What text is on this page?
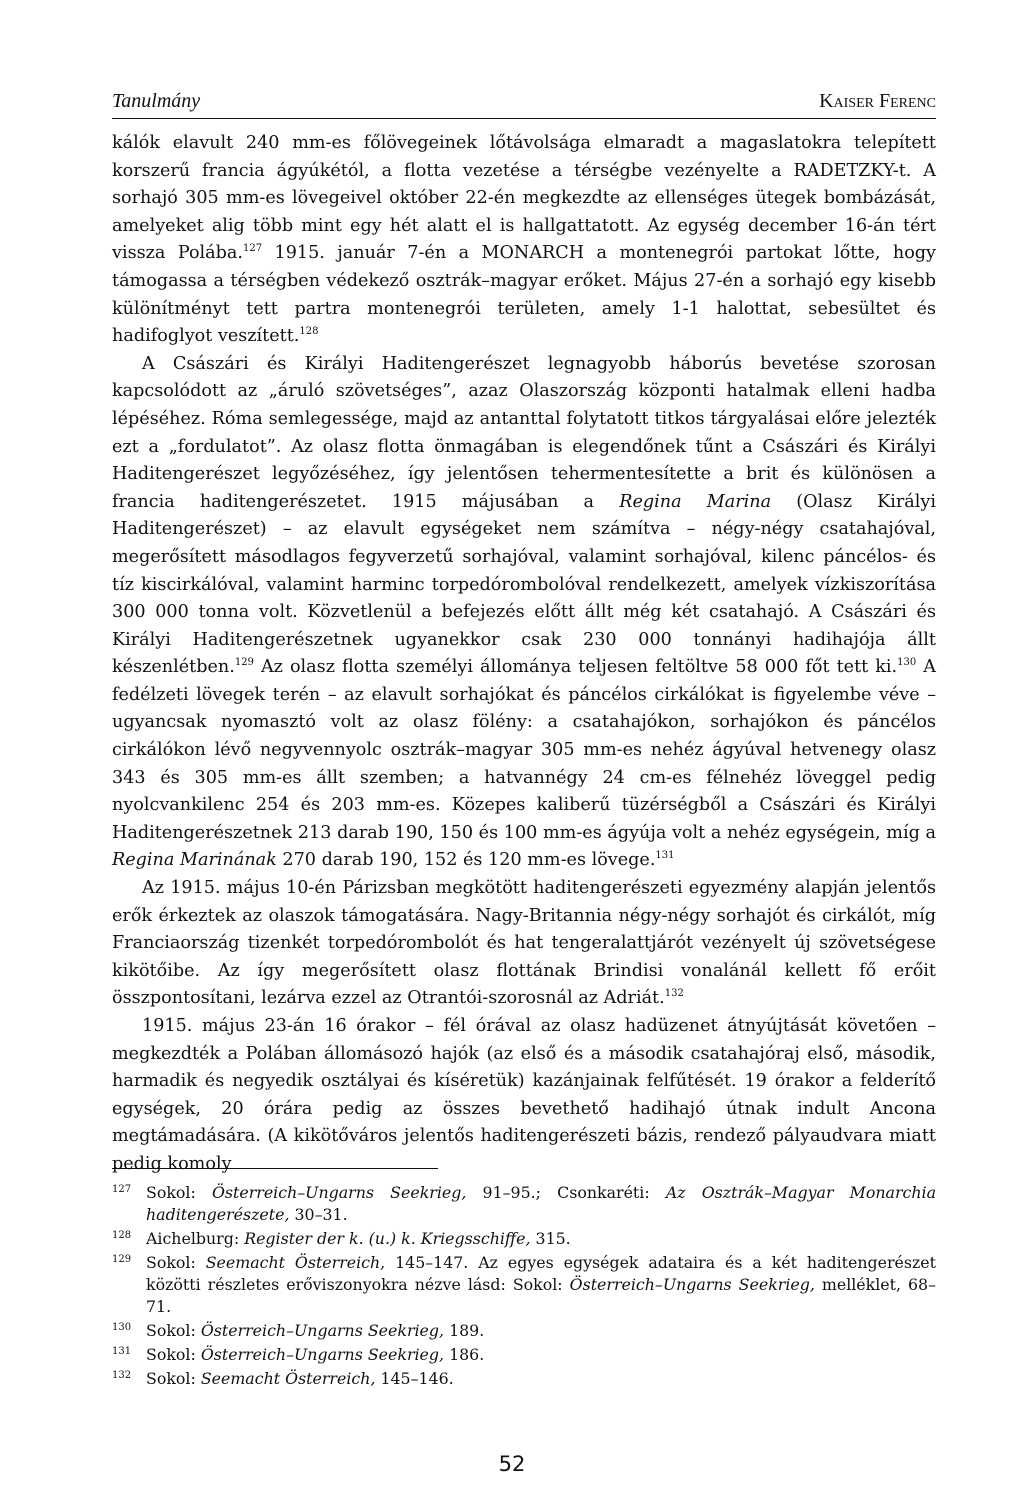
Tanulmány	Kaiser Ferenc

kálók elavult 240 mm-es főlövegeinek lőtávolsága elmaradt a magaslatokra telepített korszerű francia ágyúkétól, a flotta vezetése a térségbe vezényelte a RADETZKY-t. A sorhajó 305 mm-es lövegeivel október 22-én megkezdte az ellenséges ütegek bombázását, amelyeket alig több mint egy hét alatt el is hallgattatott. Az egység december 16-án tért vissza Polába.$^{127}$ 1915. január 7-én a MONARCH a montenegrói partokat lőtte, hogy támogassa a térségben védekező osztrák–magyar erőket. Május 27-én a sorhajó egy kisebb különítményt tett partra montenegrói területen, amely 1-1 halottat, sebesültet és hadifoglyot veszített.$^{128}$

A Császári és Királyi Haditengerészet legnagyobb háborús bevetése szorosan kapcsolódott az „áruló szövetséges”, azaz Olaszország központi hatalmak elleni hadba lépéséhez. Róma semlegessége, majd az antanttal folytatott titkos tárgyalásai előre jelezték ezt a „fordulatot”. Az olasz flotta önmagában is elegendőnek tűnt a Császári és Királyi Haditengerészet legyőzéséhez, így jelentősen tehermentesítette a brit és különösen a francia haditengerészetet. 1915 májusában a Regina Marina (Olasz Királyi Haditengerészet) – az elavult egységeket nem számítva – négy-négy csatahajóval, megerősített másodlagos fegyverzetű sorhajóval, valamint sorhajóval, kilenc páncélos- és tíz kiscirkálóval, valamint harminc torpedórombolóval rendelkezett, amelyek vízkiszorítása 300 000 tonna volt. Közvetlenül a befejezés előtt állt még két csatahajó. A Császári és Királyi Haditengerészetnek ugyanekkor csak 230 000 tonnányi hadihajója állt készenlétben.$^{129}$ Az olasz flotta személyi állománya teljesen feltöltve 58 000 főt tett ki.$^{130}$ A fedélzeti lövegek terén – az elavult sorhajókat és páncélos cirkálókat is figyelembe véve – ugyancsak nyomasztó volt az olasz fölény: a csatahajókon, sorhajókon és páncélos cirkálókon lévő negyvennyolc osztrák–magyar 305 mm-es nehéz ágyúval hetvenegy olasz 343 és 305 mm-es állt szemben; a hatvannégy 24 cm-es félnehéz löveggel pedig nyolcvankilenc 254 és 203 mm-es. Közepes kaliberű tüzérségből a Császári és Királyi Haditengerészetnek 213 darab 190, 150 és 100 mm-es ágyúja volt a nehéz egységein, míg a Regina Marinának 270 darab 190, 152 és 120 mm-es lövege.$^{131}$

Az 1915. május 10-én Párizsban megkötött haditengerészeti egyezmény alapján jelentős erők érkeztek az olaszok támogatására. Nagy-Britannia négy-négy sorhajót és cirkálót, míg Franciaország tizenkét torpedórombolót és hat tengeralattjárót vezényelt új szövetségese kikötőibe. Az így megerősített olasz flottának Brindisi vonalánál kellett fő erőit összpontosítani, lezárva ezzel az Otrantói-szorosnál az Adriát.$^{132}$

1915. május 23-án 16 órakor – fél órával az olasz hadüzenet átnyújtását követően – megkezdték a Polában állomásozó hajók (az első és a második csatahajóraj első, második, harmadik és negyedik osztályai és kíséretük) kazánjainak felfűtését. 19 órakor a felderítő egységek, 20 órára pedig az összes bevethető hadihajó útnak indult Ancona megtámadására. (A kikötőváros jelentős haditengerészeti bázis, rendező pályaudvara miatt pedig komoly

127 Sokol: Österreich–Ungarns Seekrieg, 91–95.; Csonkaréti: Az Osztrák–Magyar Monarchia haditengerészete, 30–31.
128 Aichelburg: Register der k. (u.) k. Kriegsschiffe, 315.
129 Sokol: Seemacht Österreich, 145–147. Az egyes egységek adataira és a két haditengerészet közötti részletes erőviszonyokra nézve lásd: Sokol: Österreich–Ungarns Seekrieg, melléklet, 68–71.
130 Sokol: Österreich–Ungarns Seekrieg, 189.
131 Sokol: Österreich–Ungarns Seekrieg, 186.
132 Sokol: Seemacht Österreich, 145–146.
52
